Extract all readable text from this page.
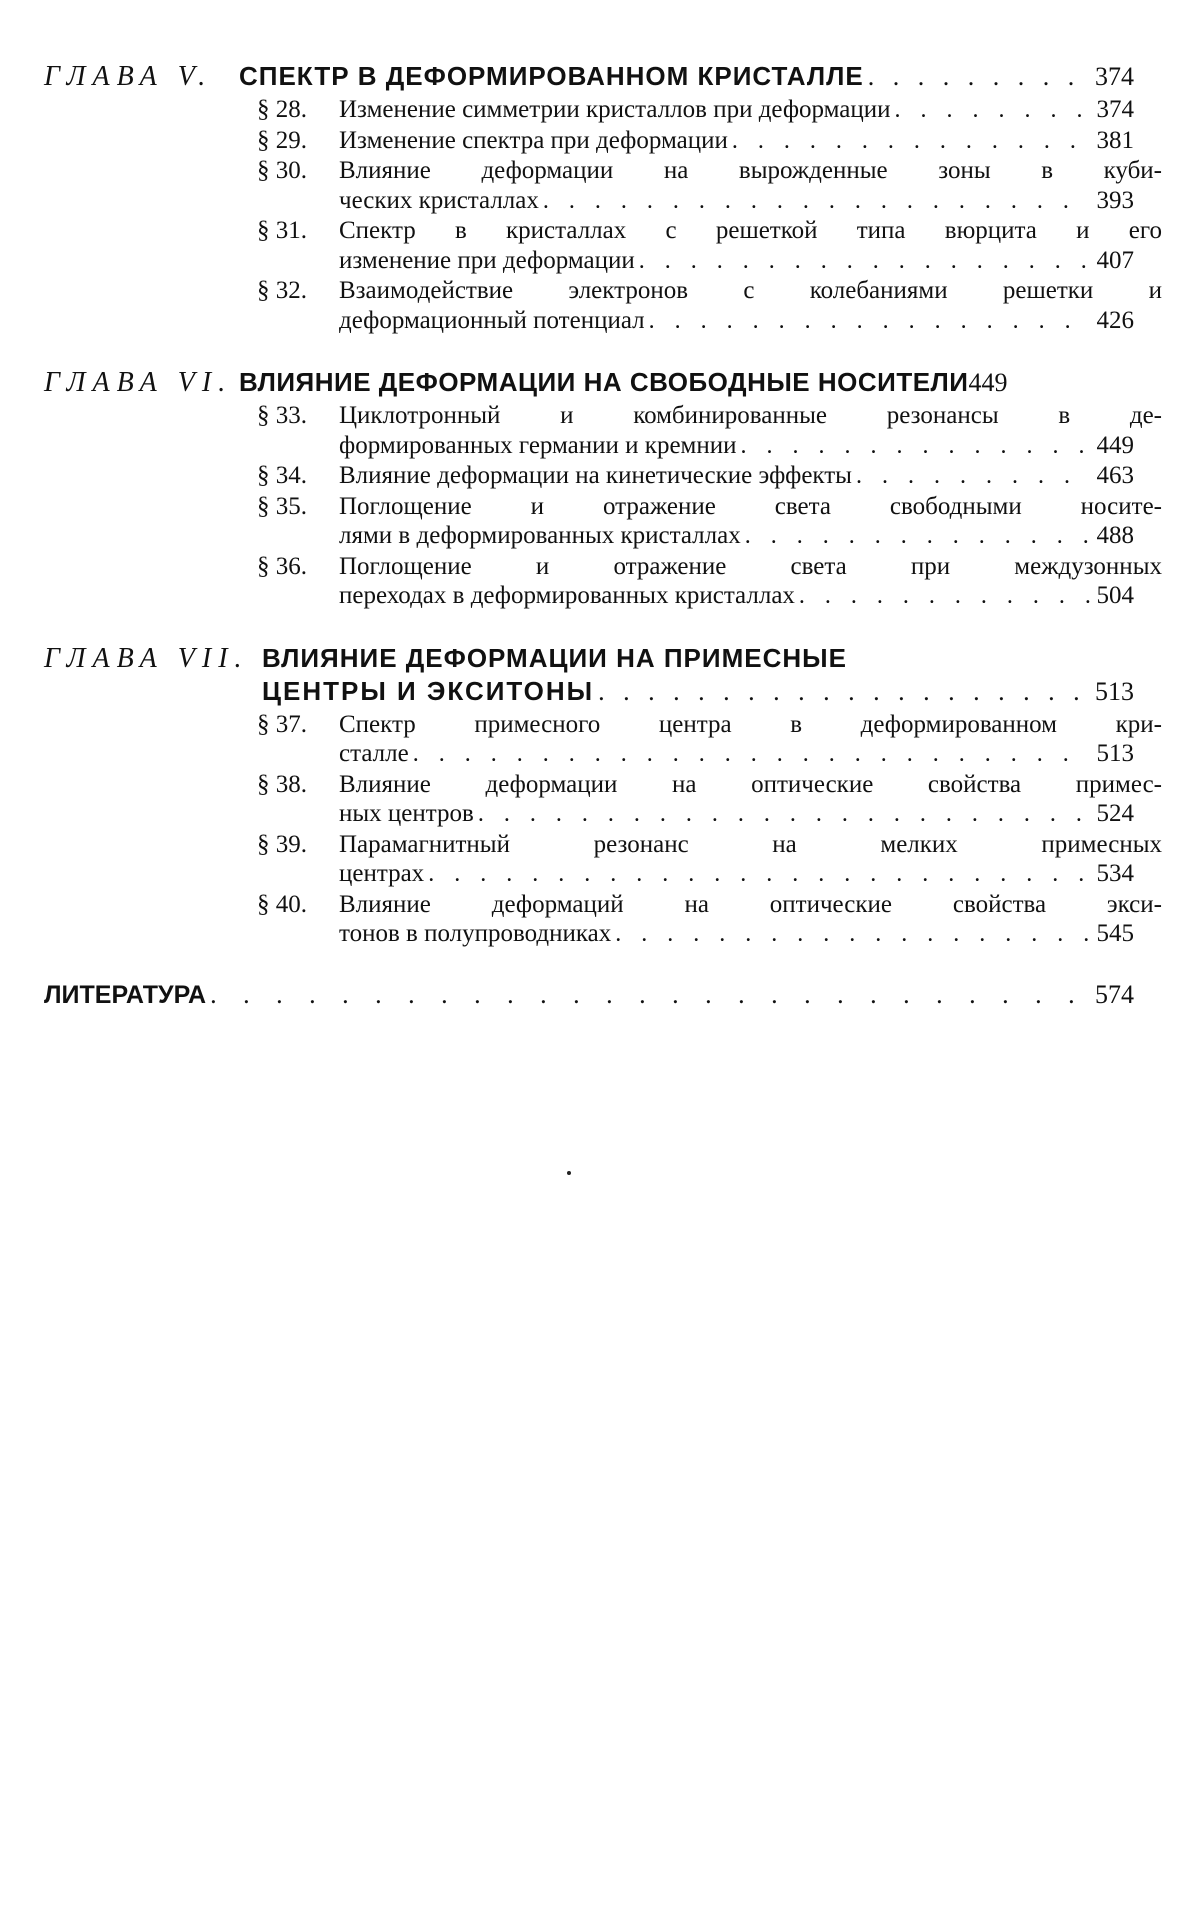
ГЛАВА V.	СПЕКТР В ДЕФОРМИРОВАННОМ КРИСТАЛЛЕ . . .	374
§ 28.	Изменение симметрии кристаллов при деформации . . .	374
§ 29.	Изменение спектра при деформации . . .	381
§ 30.	Влияние деформации на вырожденные зоны в куби-
ческих кристаллах . . .	393
§ 31.	Спектр в кристаллах с решеткой типа вюрцита и его
изменение при деформации . . .	407
§ 32.	Взаимодействие электронов с колебаниями решетки и
деформационный потенциал . . .	426
ГЛАВА VI. ВЛИЯНИЕ ДЕФОРМАЦИИ НА СВОБОДНЫЕ НОСИТЕЛИ 449
§ 33.	Циклотронный и комбинированные резонансы в де-
формированных германии и кремнии . . .	449
§ 34.	Влияние деформации на кинетические эффекты . . .	463
§ 35.	Поглощение и отражение света свободными носите-
лями в деформированных кристаллах . . .	488
§ 36.	Поглощение и отражение света при междузонных
переходах в деформированных кристаллах . . .	504
ГЛАВА VII. ВЛИЯНИЕ ДЕФОРМАЦИИ НА ПРИМЕСНЫЕ
ЦЕНТРЫ И ЭКСИТОНЫ . . .	513
§ 37.	Спектр примесного центра в деформированном кри-
сталле . . .	513
§ 38.	Влияние деформации на оптические свойства примес-
ных центров . . .	524
§ 39.	Парамагнитный резонанс на мелких примесных
центрах . . .	534
§ 40.	Влияние деформаций на оптические свойства экси-
тонов в полупроводниках . . .	545
ЛИТЕРАТУРА . . .	574
